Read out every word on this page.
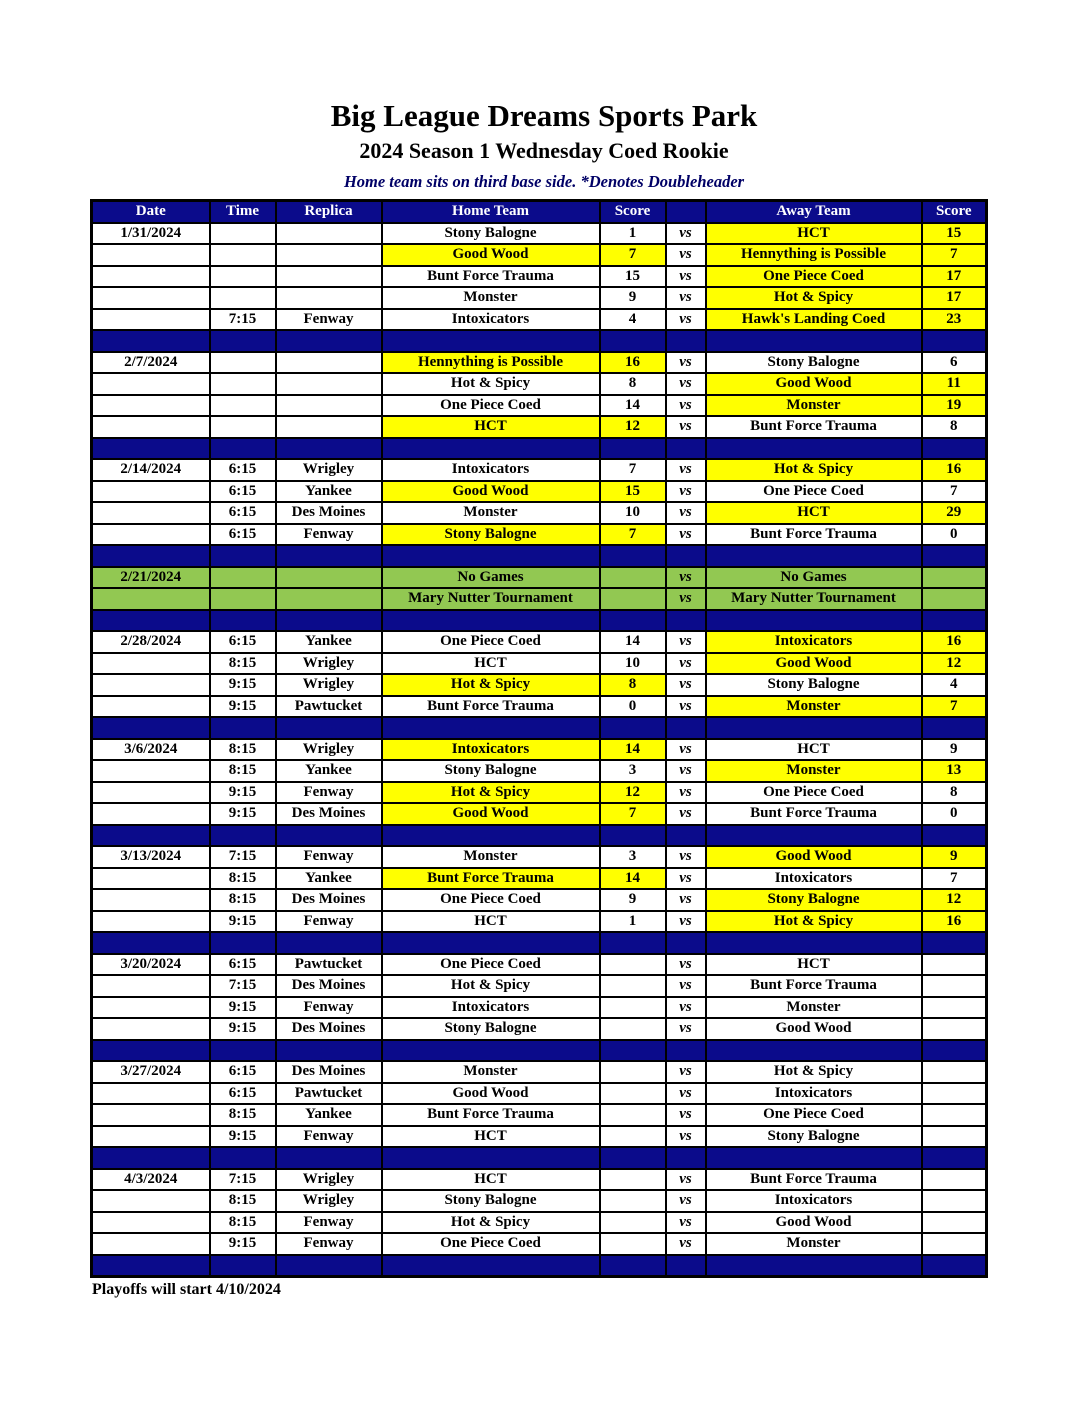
Big League Dreams Sports Park
2024 Season 1 Wednesday Coed Rookie
Home team sits on third base side. *Denotes Doubleheader
Date	Time	Replica	Home Team	Score		Away Team	Score
1/31/2024			Stony Balogne	1	vs	HCT	15
			Good Wood	7	vs	Hennything is Possible	7
			Bunt Force Trauma	15	vs	One Piece Coed	17
			Monster	9	vs	Hot & Spicy	17
	7:15	Fenway	Intoxicators	4	vs	Hawk's Landing Coed	23

2/7/2024			Hennything is Possible	16	vs	Stony Balogne	6
			Hot & Spicy	8	vs	Good Wood	11
			One Piece Coed	14	vs	Monster	19
			HCT	12	vs	Bunt Force Trauma	8

2/14/2024	6:15	Wrigley	Intoxicators	7	vs	Hot & Spicy	16
	6:15	Yankee	Good Wood	15	vs	One Piece Coed	7
	6:15	Des Moines	Monster	10	vs	HCT	29
	6:15	Fenway	Stony Balogne	7	vs	Bunt Force Trauma	0

2/21/2024			No Games		vs	No Games	
			Mary Nutter Tournament		vs	Mary Nutter Tournament	

2/28/2024	6:15	Yankee	One Piece Coed	14	vs	Intoxicators	16
	8:15	Wrigley	HCT	10	vs	Good Wood	12
	9:15	Wrigley	Hot & Spicy	8	vs	Stony Balogne	4
	9:15	Pawtucket	Bunt Force Trauma	0	vs	Monster	7

3/6/2024	8:15	Wrigley	Intoxicators	14	vs	HCT	9
	8:15	Yankee	Stony Balogne	3	vs	Monster	13
	9:15	Fenway	Hot & Spicy	12	vs	One Piece Coed	8
	9:15	Des Moines	Good Wood	7	vs	Bunt Force Trauma	0

3/13/2024	7:15	Fenway	Monster	3	vs	Good Wood	9
	8:15	Yankee	Bunt Force Trauma	14	vs	Intoxicators	7
	8:15	Des Moines	One Piece Coed	9	vs	Stony Balogne	12
	9:15	Fenway	HCT	1	vs	Hot & Spicy	16

3/20/2024	6:15	Pawtucket	One Piece Coed		vs	HCT	
	7:15	Des Moines	Hot & Spicy		vs	Bunt Force Trauma	
	9:15	Fenway	Intoxicators		vs	Monster	
	9:15	Des Moines	Stony Balogne		vs	Good Wood	

3/27/2024	6:15	Des Moines	Monster		vs	Hot & Spicy	
	6:15	Pawtucket	Good Wood		vs	Intoxicators	
	8:15	Yankee	Bunt Force Trauma		vs	One Piece Coed	
	9:15	Fenway	HCT		vs	Stony Balogne	

4/3/2024	7:15	Wrigley	HCT		vs	Bunt Force Trauma	
	8:15	Wrigley	Stony Balogne		vs	Intoxicators	
	8:15	Fenway	Hot & Spicy		vs	Good Wood	
	9:15	Fenway	One Piece Coed		vs	Monster	

Playoffs will start 4/10/2024
